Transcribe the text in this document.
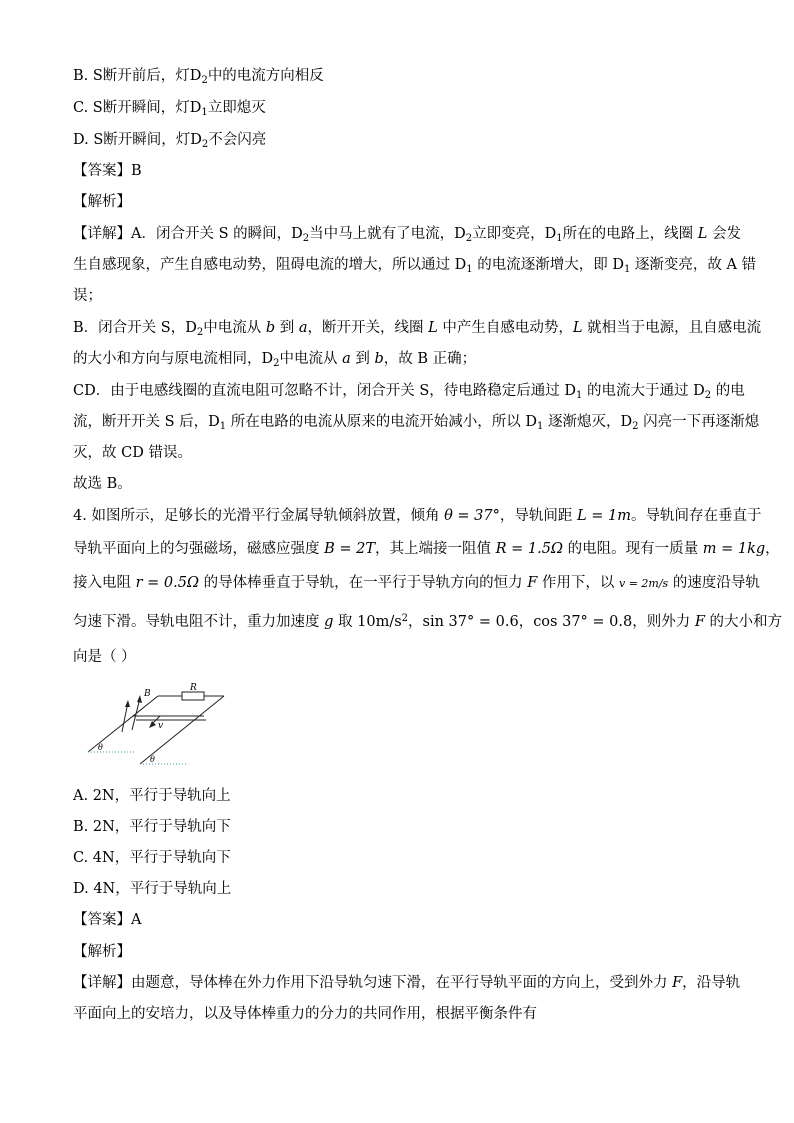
B. S断开前后，灯$D_2$中的电流方向相反
C. S断开瞬间，灯$D_1$立即熄灭
D. S断开瞬间，灯$D_2$不会闪亮
【答案】B
【解析】
【详解】A．闭合开关 S 的瞬间，$D_2$当中马上就有了电流，$D_2$立即变亮，$D_1$所在的电路上，线圈 L 会发
生自感现象，产生自感电动势，阻碍电流的增大，所以通过 $D_1$ 的电流逐渐增大，即 $D_1$ 逐渐变亮，故 A 错
误；
B．闭合开关 S，$D_2$中电流从 b 到 a，断开开关，线圈 L 中产生自感电动势，L 就相当于电源，且自感电流
的大小和方向与原电流相同，$D_2$中电流从 a 到 b，故 B 正确；
CD．由于电感线圈的直流电阻可忽略不计，闭合开关 S，待电路稳定后通过 $D_1$ 的电流大于通过 $D_2$ 的电
流，断开开关 S 后，$D_1$ 所在电路的电流从原来的电流开始减小，所以 $D_1$ 逐渐熄灭，$D_2$ 闪亮一下再逐渐熄
灭，故 CD 错误。
故选 B。
4. 如图所示，足够长的光滑平行金属导轨倾斜放置，倾角 θ = 37°，导轨间距 L = 1m。导轨间存在垂直于
导轨平面向上的匀强磁场，磁感应强度 B = 2T，其上端接一阻值 R = 1.5Ω 的电阻。现有一质量 m = 1kg，
接入电阻 r = 0.5Ω 的导体棒垂直于导轨，在一平行于导轨方向的恒力 F 作用下，以 v = 2m/s 的速度沿导轨
匀速下滑。导轨电阻不计，重力加速度 g 取 $10m/s^2$，sin 37° = 0.6，cos 37° = 0.8，则外力 F 的大小和方
向是（ ）
R
B
v
θ
θ
A. 2N，平行于导轨向上
B. 2N，平行于导轨向下
C. 4N，平行于导轨向下
D. 4N，平行于导轨向上
【答案】A
【解析】
【详解】由题意，导体棒在外力作用下沿导轨匀速下滑，在平行导轨平面的方向上，受到外力 F，沿导轨
平面向上的安培力，以及导体棒重力的分力的共同作用，根据平衡条件有
